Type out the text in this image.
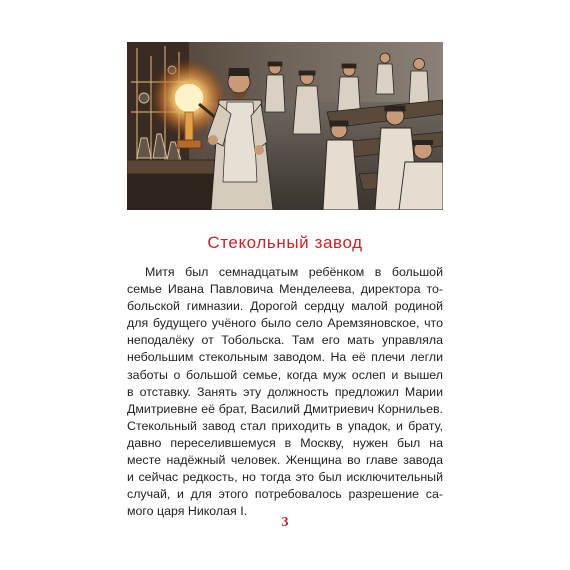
Стекольный завод
Митя был семнадцатым ребёнком в большой
семье Ивана Павловича Менделеева, директора то-
больской гимназии. Дорогой сердцу малой родиной
для будущего учёного было село Аремзяновское, что
неподалёку от Тобольска. Там его мать управляла
небольшим стекольным заводом. На её плечи легли
заботы о большой семье, когда муж ослеп и вышел
в отставку. Занять эту должность предложил Марии
Дмитриевне её брат, Василий Дмитриевич Корнильев.
Стекольный завод стал приходить в упадок, и брату,
давно переселившемуся в Москву, нужен был на
месте надёжный человек. Женщина во главе завода
и сейчас редкость, но тогда это был исключительный
случай, и для этого потребовалось разрешение са-
мого царя Николая I.
3
